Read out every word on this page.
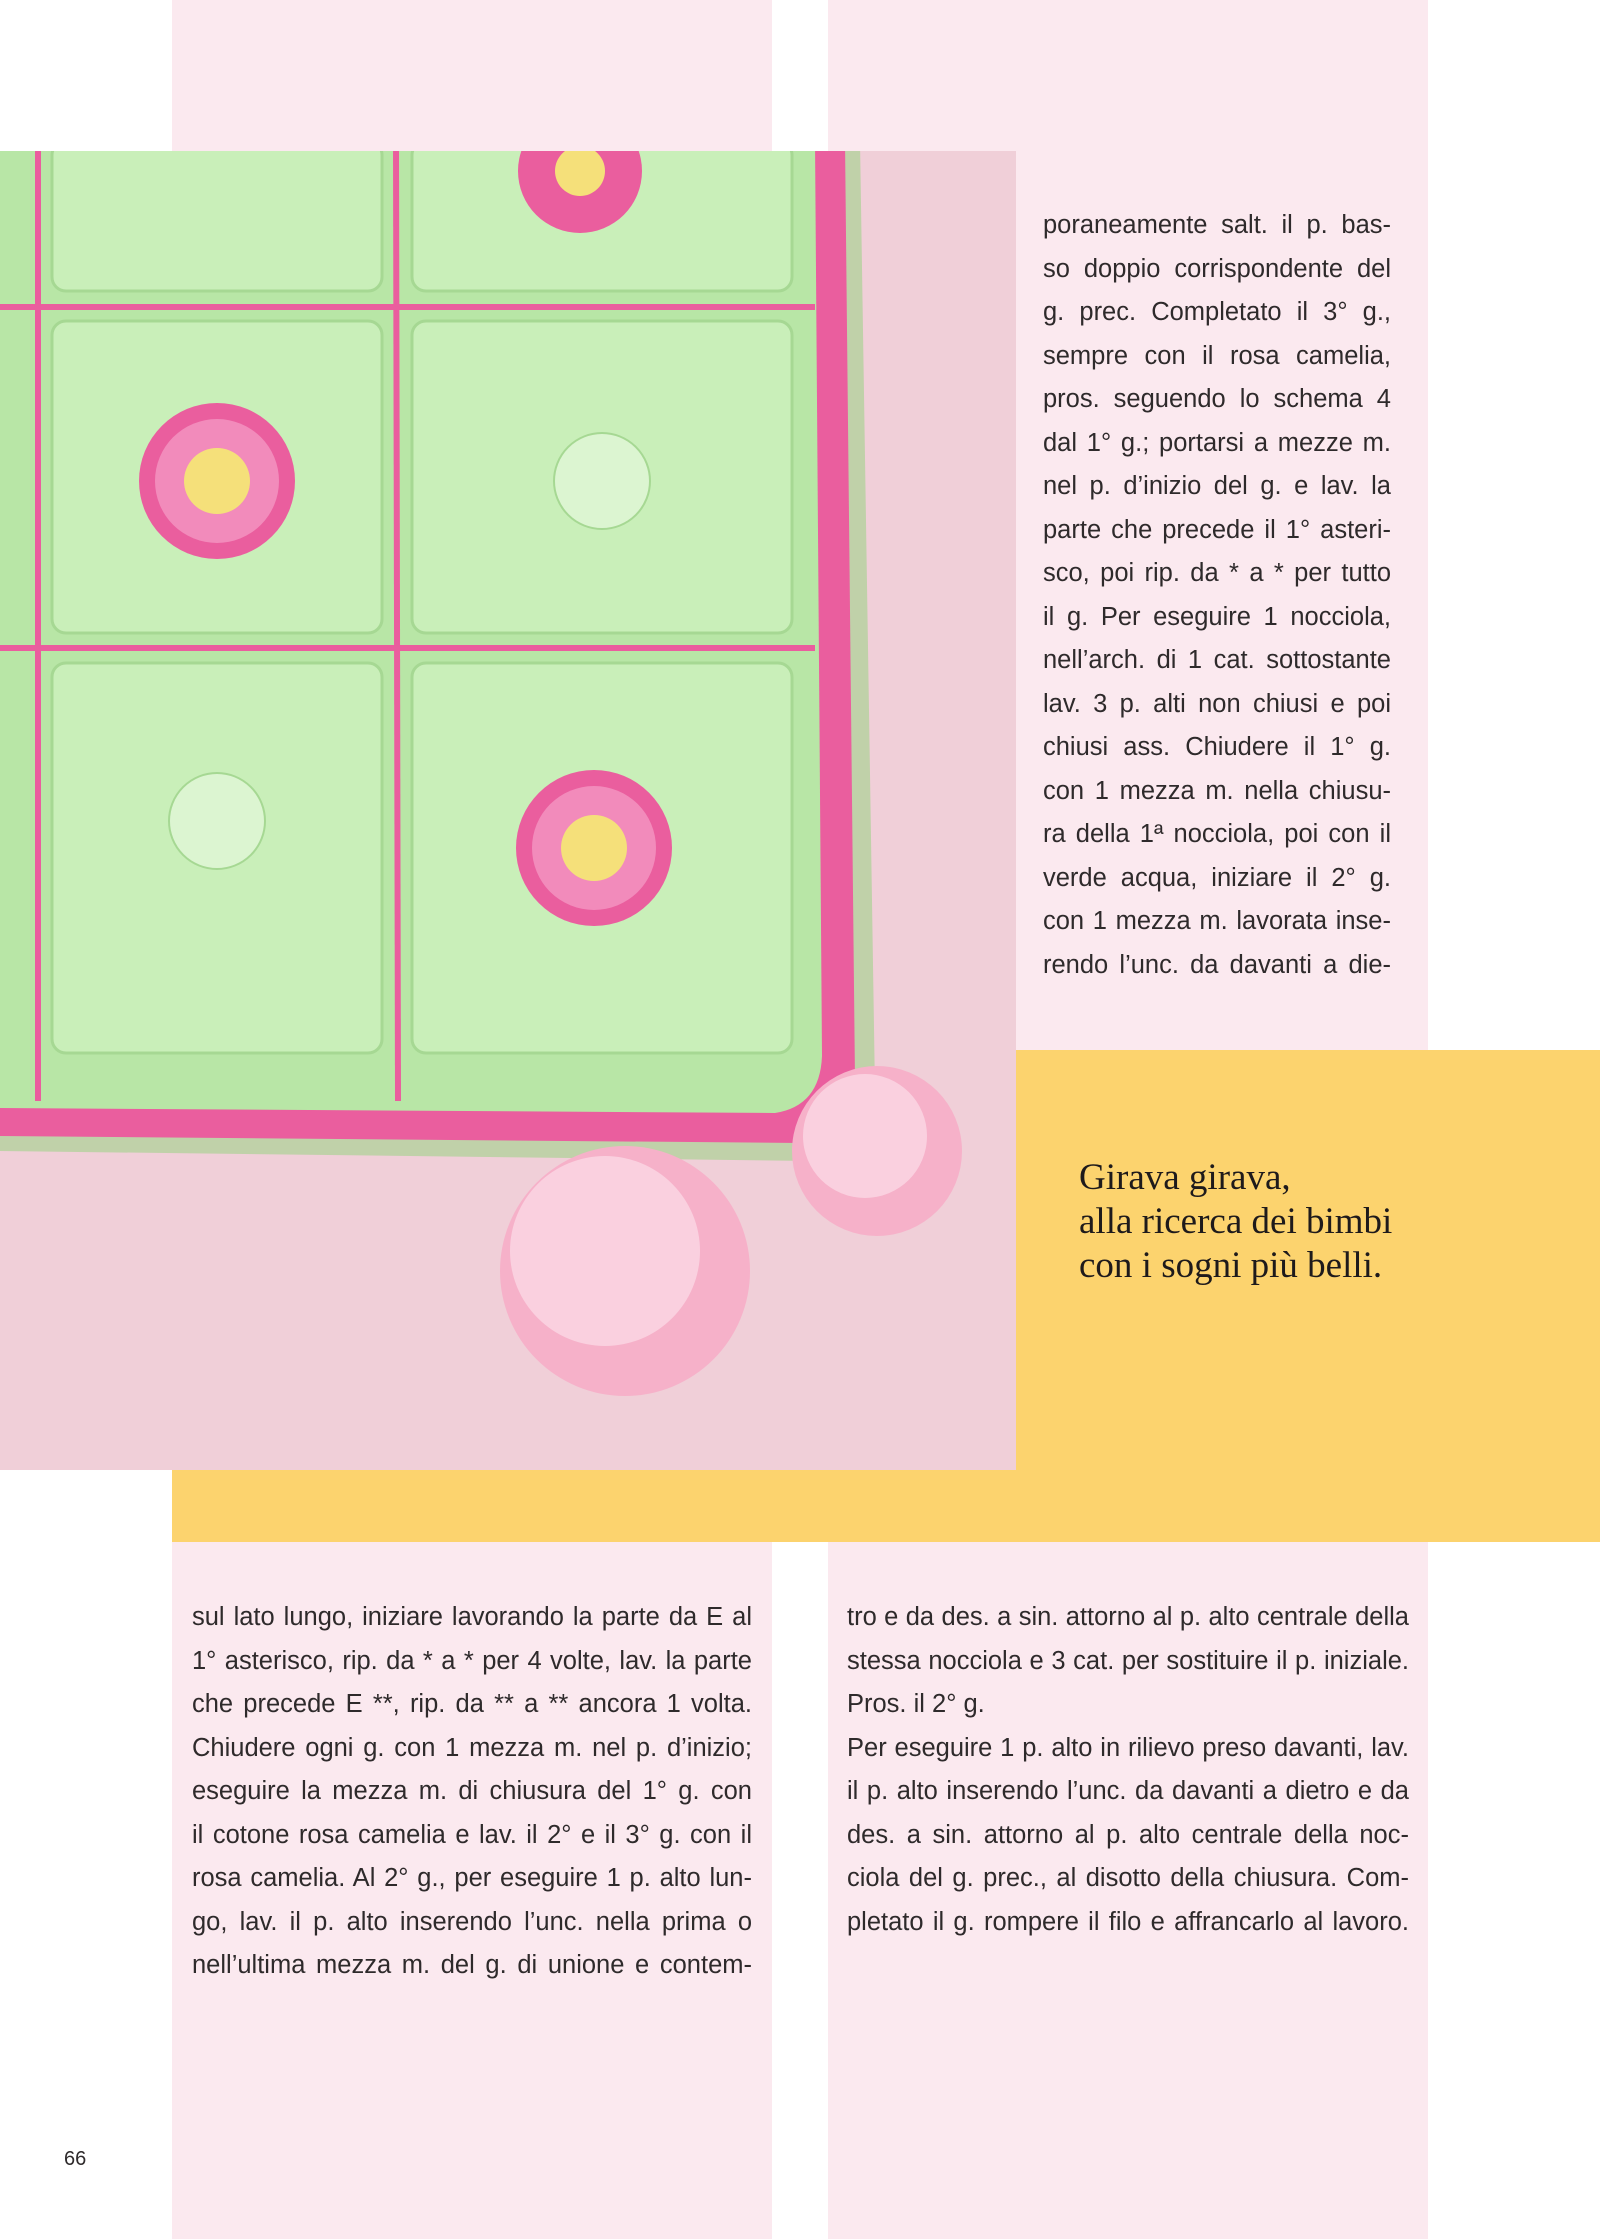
poraneamente salt. il p. bas-
so doppio corrispondente del
g. prec. Completato il 3° g.,
sempre con il rosa camelia,
pros. seguendo lo schema 4
dal 1° g.; portarsi a mezze m.
nel p. d’inizio del g. e lav. la
parte che precede il 1° asteri-
sco, poi rip. da * a * per tutto
il g. Per eseguire 1 nocciola,
nell’arch. di 1 cat. sottostante
lav. 3 p. alti non chiusi e poi
chiusi ass. Chiudere il 1° g.
con 1 mezza m. nella chiusu-
ra della 1ª nocciola, poi con il
verde acqua, iniziare il 2° g.
con 1 mezza m. lavorata inse-
rendo l’unc. da davanti a die-
Girava girava,
alla ricerca dei bimbi
con i sogni più belli.
sul lato lungo, iniziare lavorando la parte da E al
1° asterisco, rip. da * a * per 4 volte, lav. la parte
che precede E **, rip. da ** a ** ancora 1 volta.
Chiudere ogni g. con 1 mezza m. nel p. d’inizio;
eseguire la mezza m. di chiusura del 1° g. con
il cotone rosa camelia e lav. il 2° e il 3° g. con il
rosa camelia. Al 2° g., per eseguire 1 p. alto lun-
go, lav. il p. alto inserendo l’unc. nella prima o
nell’ultima mezza m. del g. di unione e contem-
tro e da des. a sin. attorno al p. alto centrale della
stessa nocciola e 3 cat. per sostituire il p. iniziale.
Pros. il 2° g.
Per eseguire 1 p. alto in rilievo preso davanti, lav.
il p. alto inserendo l’unc. da davanti a dietro e da
des. a sin. attorno al p. alto centrale della noc-
ciola del g. prec., al disotto della chiusura. Com-
pletato il g. rompere il filo e affrancarlo al lavoro.
66
